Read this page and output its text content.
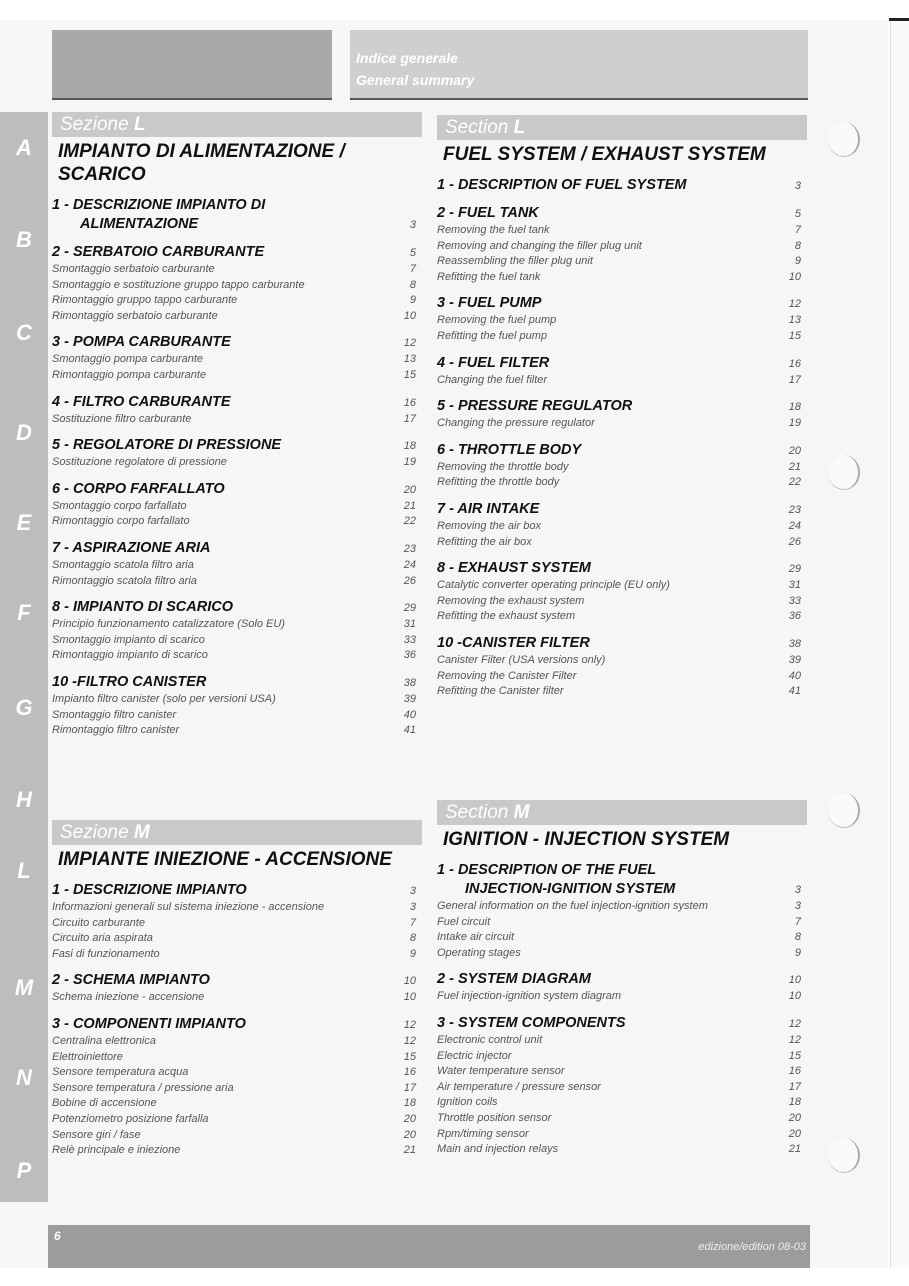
Indice generale
General summary
A
B
C
D
E
F
G
H
L
M
N
P
Sezione L
IMPIANTO DI ALIMENTAZIONE / SCARICO
1 - DESCRIZIONE IMPIANTO DI
ALIMENTAZIONE	3
2 - SERBATOIO CARBURANTE	5
Smontaggio serbatoio carburante	7
Smontaggio e sostituzione gruppo tappo carburante	8
Rimontaggio gruppo tappo carburante	9
Rimontaggio serbatoio carburante	10
3 - POMPA CARBURANTE	12
Smontaggio pompa carburante	13
Rimontaggio pompa carburante	15
4 - FILTRO CARBURANTE	16
Sostituzione filtro carburante	17
5 - REGOLATORE DI PRESSIONE	18
Sostituzione regolatore di pressione	19
6 - CORPO FARFALLATO	20
Smontaggio corpo farfallato	21
Rimontaggio corpo farfallato	22
7 - ASPIRAZIONE ARIA	23
Smontaggio scatola filtro aria	24
Rimontaggio scatola filtro aria	26
8 - IMPIANTO DI SCARICO	29
Principio funzionamento catalizzatore (Solo EU)	31
Smontaggio impianto di scarico	33
Rimontaggio impianto di scarico	36
10 -FILTRO CANISTER	38
Impianto filtro canister (solo per versioni USA)	39
Smontaggio filtro canister	40
Rimontaggio filtro canister	41
Sezione M
IMPIANTE INIEZIONE - ACCENSIONE
1 - DESCRIZIONE IMPIANTO	3
Informazioni generali sul sistema iniezione - accensione	3
Circuito carburante	7
Circuito aria aspirata	8
Fasi di funzionamento	9
2 - SCHEMA IMPIANTO	10
Schema iniezione - accensione	10
3 - COMPONENTI IMPIANTO	12
Centralina elettronica	12
Elettroiniettore	15
Sensore temperatura acqua	16
Sensore temperatura / pressione aria	17
Bobine di accensione	18
Potenziometro posizione farfalla	20
Sensore giri / fase	20
Relè principale e iniezione	21
Section L
FUEL SYSTEM / EXHAUST SYSTEM
1 - DESCRIPTION OF FUEL SYSTEM	3
2 - FUEL TANK	5
Removing the fuel tank	7
Removing and changing the filler plug unit	8
Reassembling the filler plug unit	9
Refitting the fuel tank	10
3 - FUEL PUMP	12
Removing the fuel pump	13
Refitting the fuel pump	15
4 - FUEL FILTER	16
Changing the fuel filter	17
5 - PRESSURE REGULATOR	18
Changing the pressure regulator	19
6 - THROTTLE BODY	20
Removing the throttle body	21
Refitting the throttle body	22
7 - AIR INTAKE	23
Removing the air box	24
Refitting the air box	26
8 - EXHAUST SYSTEM	29
Catalytic converter operating principle (EU only)	31
Removing the exhaust system	33
Refitting the exhaust system	36
10 -CANISTER FILTER	38
Canister Filter (USA versions only)	39
Removing the Canister Filter	40
Refitting the Canister filter	41
Section M
IGNITION - INJECTION SYSTEM
1 - DESCRIPTION OF THE FUEL
INJECTION-IGNITION SYSTEM	3
General information on the fuel injection-ignition system	3
Fuel circuit	7
Intake air circuit	8
Operating stages	9
2 - SYSTEM DIAGRAM	10
Fuel injection-ignition system diagram	10
3 - SYSTEM COMPONENTS	12
Electronic control unit	12
Electric injector	15
Water temperature sensor	16
Air temperature / pressure sensor	17
Ignition coils	18
Throttle position sensor	20
Rpm/timing sensor	20
Main and injection relays	21
6
edizione/edition 08-03
